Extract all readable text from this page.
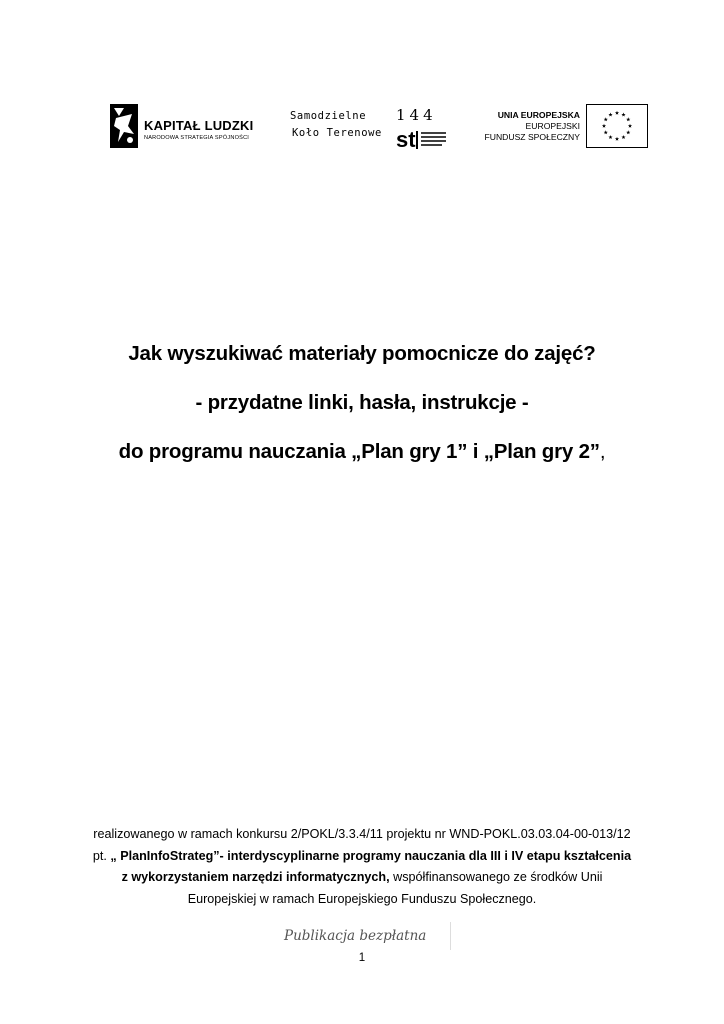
KAPITAŁ LUDZKI
NARODOWA STRATEGIA SPÓJNOŚCI
Samodzielne
Koło Terenowe
144
st
UNIA EUROPEJSKA
EUROPEJSKI
FUNDUSZ SPOŁECZNY

Jak wyszukiwać materiały pomocnicze do zajęć?

- przydatne linki, hasła, instrukcje -

do programu nauczania „Plan gry 1” i „Plan gry 2”,

realizowanego w ramach konkursu 2/POKL/3.3.4/11 projektu nr WND-POKL.03.03.04-00-013/12 pt. „ PlanInfoStrateg”- interdyscyplinarne programy nauczania dla III i IV etapu kształcenia z wykorzystaniem narzędzi informatycznych, współfinansowanego ze środków Unii Europejskiej w ramach Europejskiego Funduszu Społecznego.
Publikacja bezpłatna
1
